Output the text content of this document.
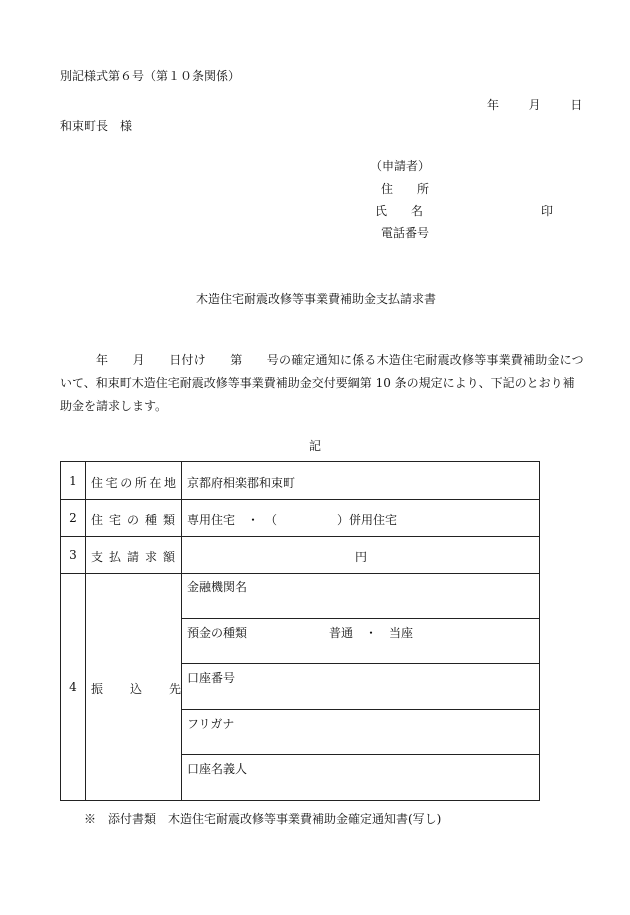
別記様式第６号（第１０条関係）
年 月 日
和束町長　様
（申請者）
住　　所
氏　　名	印
電話番号
木造住宅耐震改修等事業費補助金支払請求書
年　　月　　日付け　　第　　号の確定通知に係る木造住宅耐震改修等事業費補助金につ
いて、和束町木造住宅耐震改修等事業費補助金交付要綱第 10 条の規定により、下記のとおり補
助金を請求します。
記
1	住宅の所在地 京都府相楽郡和束町
2	住宅の種類 専用住宅　・　（　　　　　）併用住宅
3	支払請求額	円
4	振込先
金融機関名
預金の種類	普通　・　当座
口座番号
フリガナ
口座名義人
※　添付書類　木造住宅耐震改修等事業費補助金確定通知書(写し)
